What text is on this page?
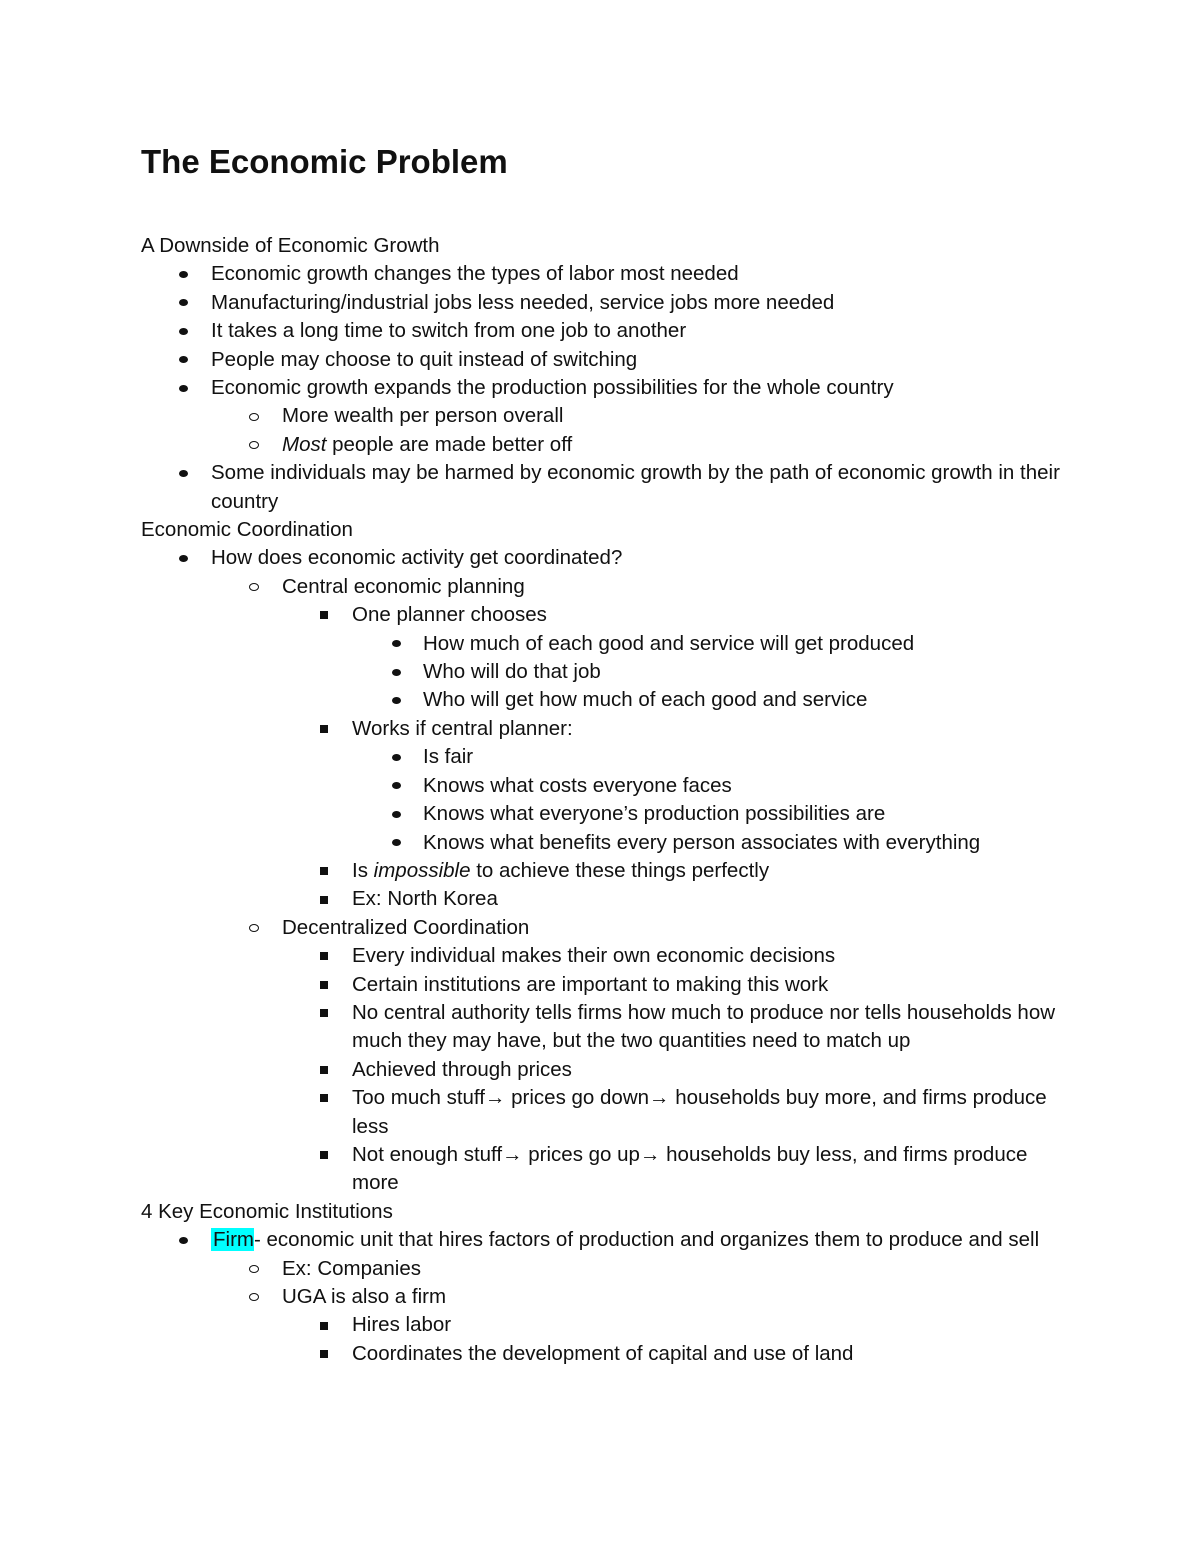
The Economic Problem
A Downside of Economic Growth
Economic growth changes the types of labor most needed
Manufacturing/industrial jobs less needed, service jobs more needed
It takes a long time to switch from one job to another
People may choose to quit instead of switching
Economic growth expands the production possibilities for the whole country
More wealth per person overall
Most people are made better off
Some individuals may be harmed by economic growth by the path of economic growth in their country
Economic Coordination
How does economic activity get coordinated?
Central economic planning
One planner chooses
How much of each good and service will get produced
Who will do that job
Who will get how much of each good and service
Works if central planner:
Is fair
Knows what costs everyone faces
Knows what everyone’s production possibilities are
Knows what benefits every person associates with everything
Is impossible to achieve these things perfectly
Ex: North Korea
Decentralized Coordination
Every individual makes their own economic decisions
Certain institutions are important to making this work
No central authority tells firms how much to produce nor tells households how much they may have, but the two quantities need to match up
Achieved through prices
Too much stuff→ prices go down→ households buy more, and firms produce less
Not enough stuff→ prices go up→ households buy less, and firms produce more
4 Key Economic Institutions
Firm- economic unit that hires factors of production and organizes them to produce and sell
Ex: Companies
UGA is also a firm
Hires labor
Coordinates the development of capital and use of land
